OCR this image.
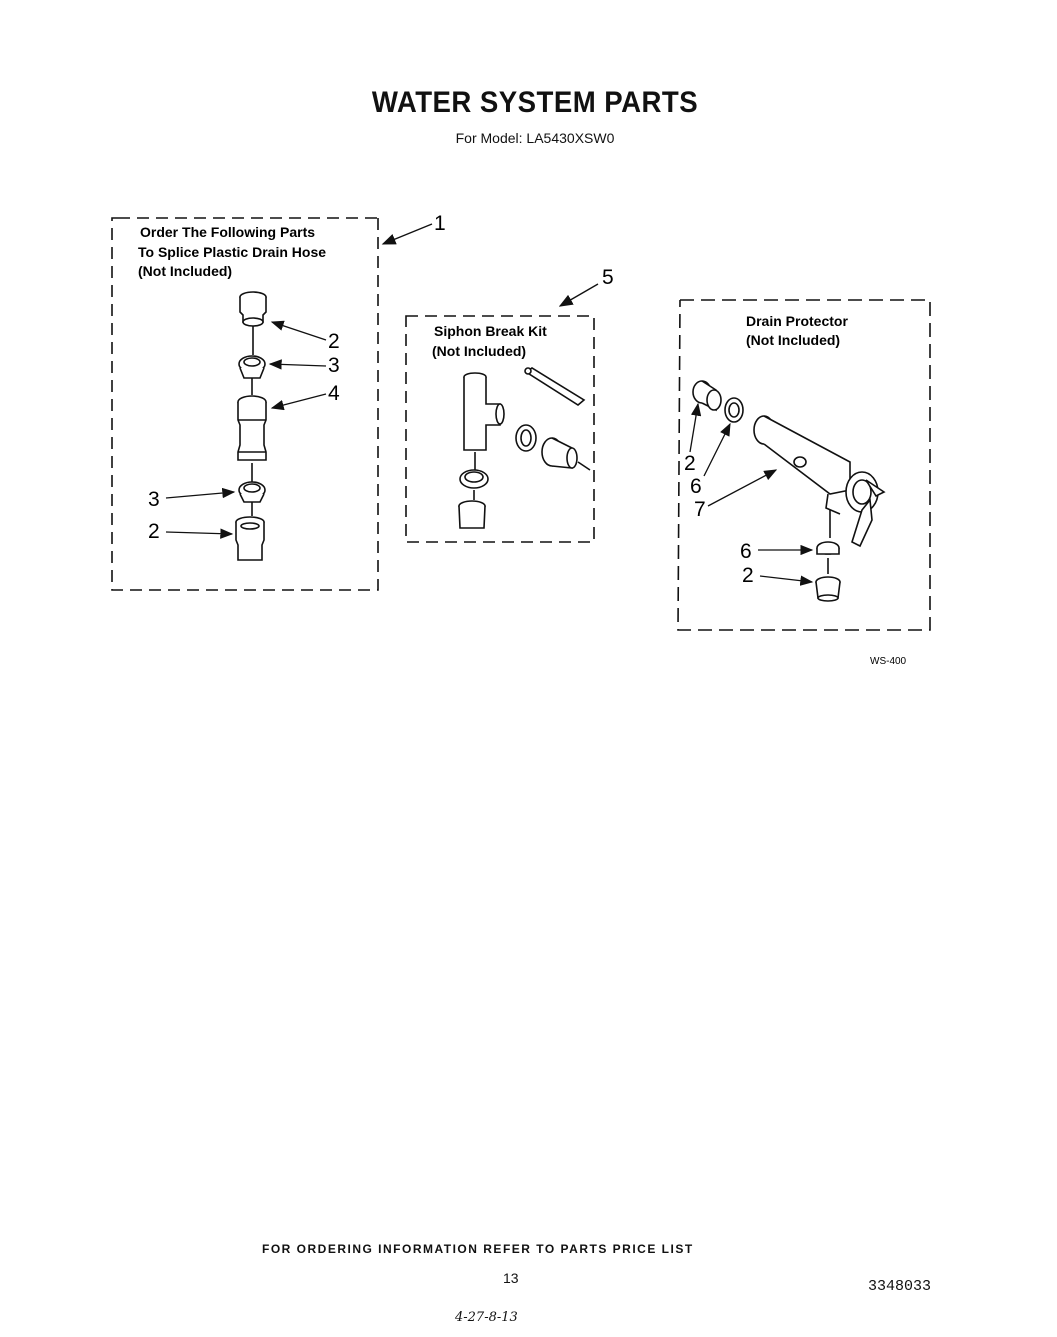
WATER SYSTEM PARTS
For Model: LA5430XSW0
Order The Following Parts
To Splice Plastic Drain Hose
(Not Included)
1
2
3
4
3
2
Siphon Break Kit
(Not Included)
5
Drain Protector
(Not Included)
2
6
7
6
2
WS-400
FOR ORDERING INFORMATION REFER TO PARTS PRICE LIST
13	3348033
4-27-8-13
